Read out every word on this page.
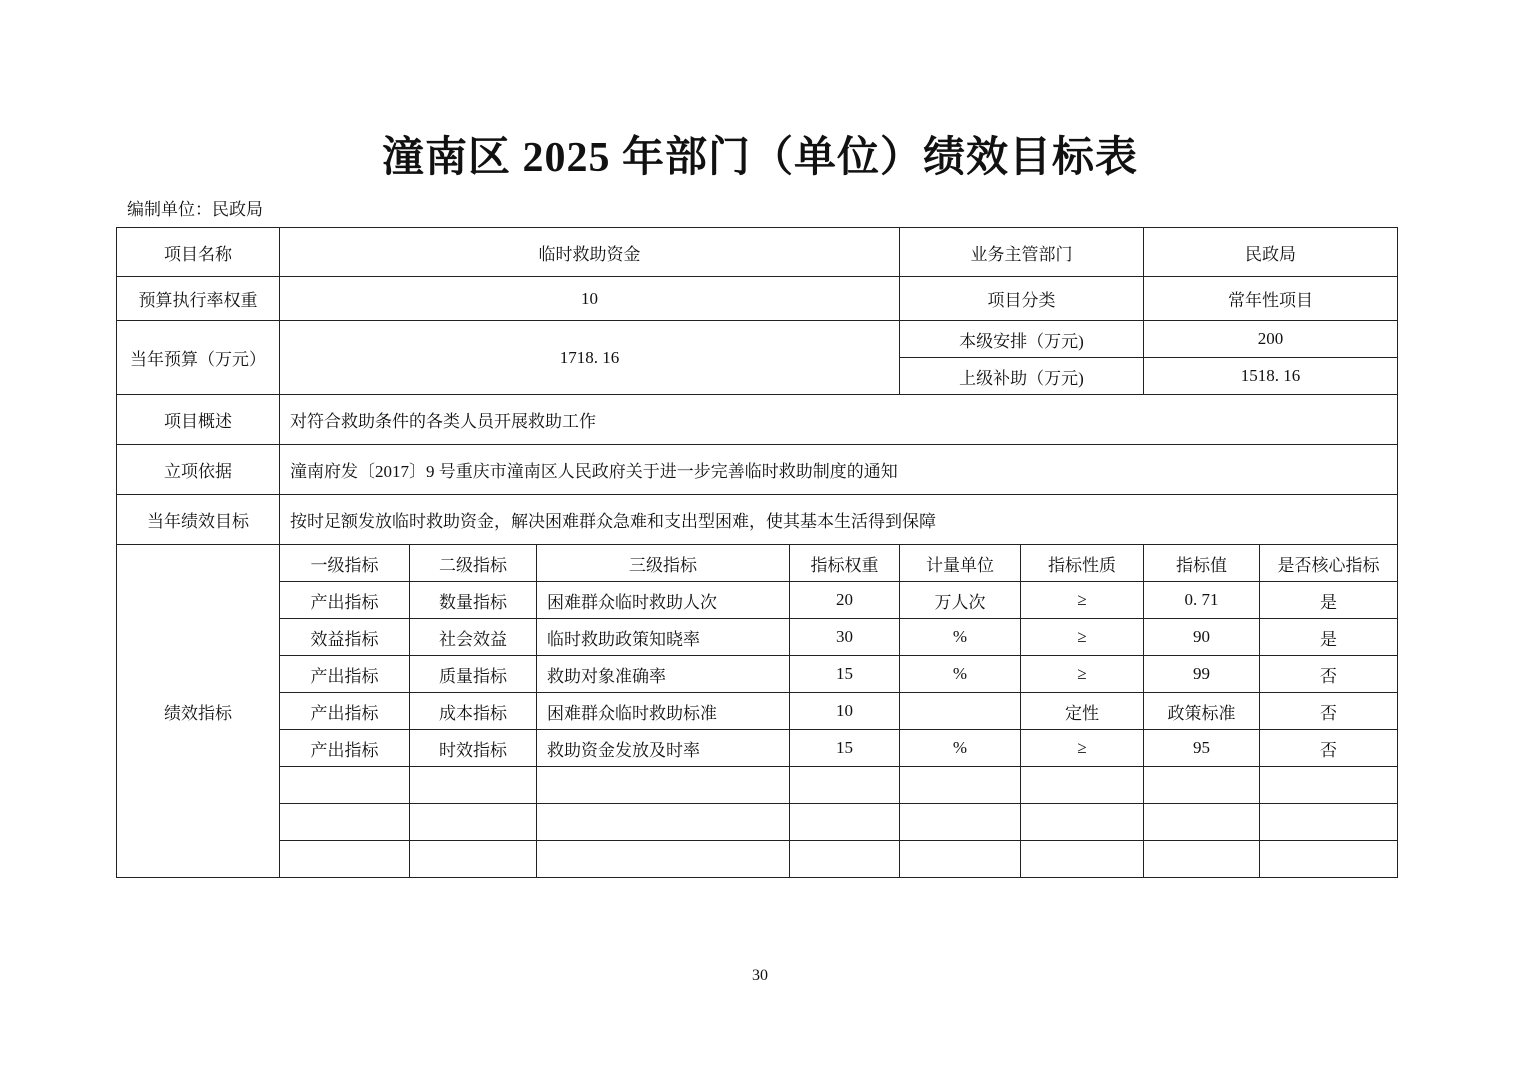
潼南区 2025 年部门（单位）绩效目标表
编制单位：民政局
项目名称	临时救助资金				业务主管部门		民政局	
预算执行率权重	10				项目分类		常年性项目	
当年预算（万元）	1718. 16				本级安排（万元)		200	
					上级补助（万元)		1518. 16	
项目概述	对符合救助条件的各类人员开展救助工作							
立项依据	潼南府发〔2017〕9 号重庆市潼南区人民政府关于进一步完善临时救助制度的通知							
当年绩效目标	按时足额发放临时救助资金，解决困难群众急难和支出型困难，使其基本生活得到保障							
绩效指标	一级指标	二级指标	三级指标	指标权重	计量单位	指标性质	指标值	是否核心指标
	产出指标	数量指标	困难群众临时救助人次	20	万人次	≥	0. 71	是
	效益指标	社会效益	临时救助政策知晓率	30	%	≥	90	是
	产出指标	质量指标	救助对象准确率	15	%	≥	99	否
	产出指标	成本指标	困难群众临时救助标准	10		定性	政策标准	否
	产出指标	时效指标	救助资金发放及时率	15	%	≥	95	否

30
